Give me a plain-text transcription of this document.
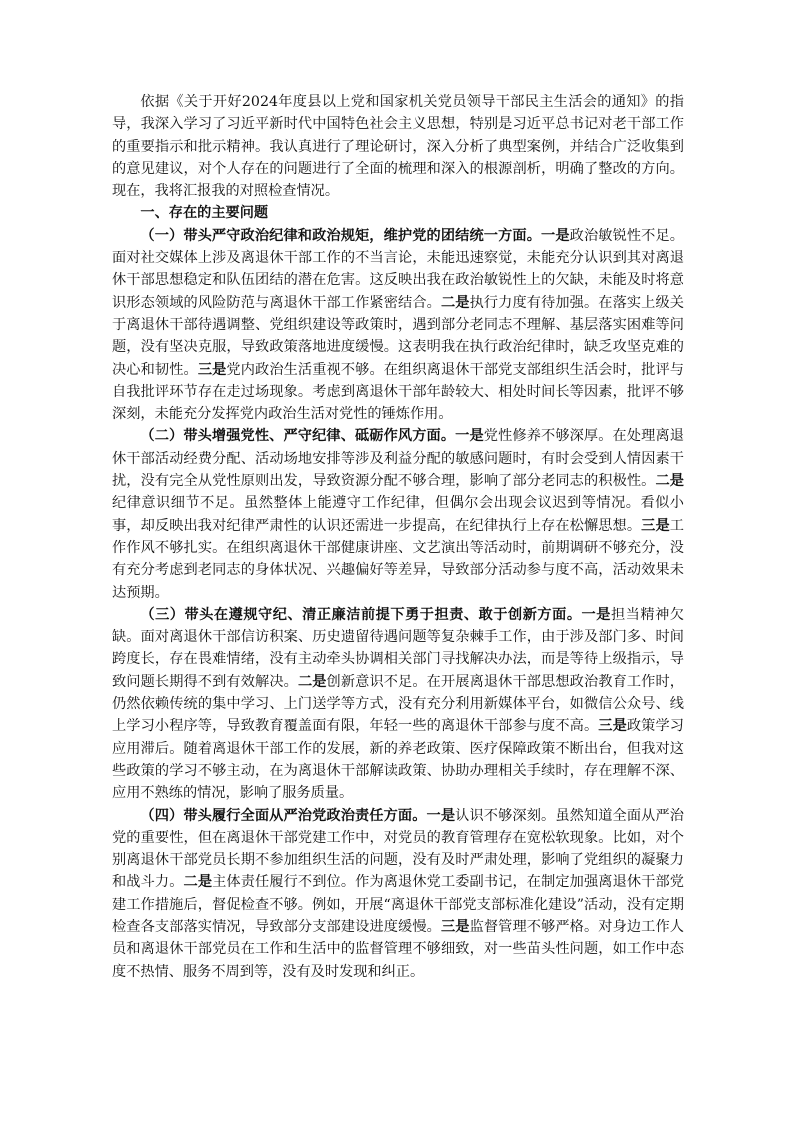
依据《关于开好2024年度县以上党和国家机关党员领导干部民主生活会的通知》的指导，我深入学习了习近平新时代中国特色社会主义思想，特别是习近平总书记对老干部工作的重要指示和批示精神。我认真进行了理论研讨，深入分析了典型案例，并结合广泛收集到的意见建议，对个人存在的问题进行了全面的梳理和深入的根源剖析，明确了整改的方向。现在，我将汇报我的对照检查情况。

一、存在的主要问题

（一）带头严守政治纪律和政治规矩，维护党的团结统一方面。一是政治敏锐性不足。面对社交媒体上涉及离退休干部工作的不当言论，未能迅速察觉，未能充分认识到其对离退休干部思想稳定和队伍团结的潜在危害。这反映出我在政治敏锐性上的欠缺，未能及时将意识形态领域的风险防范与离退休干部工作紧密结合。二是执行力度有待加强。在落实上级关于离退休干部待遇调整、党组织建设等政策时，遇到部分老同志不理解、基层落实困难等问题，没有坚决克服，导致政策落地进度缓慢。这表明我在执行政治纪律时，缺乏攻坚克难的决心和韧性。三是党内政治生活重视不够。在组织离退休干部党支部组织生活会时，批评与自我批评环节存在走过场现象。考虑到离退休干部年龄较大、相处时间长等因素，批评不够深刻，未能充分发挥党内政治生活对党性的锤炼作用。

（二）带头增强党性、严守纪律、砥砺作风方面。一是党性修养不够深厚。在处理离退休干部活动经费分配、活动场地安排等涉及利益分配的敏感问题时，有时会受到人情因素干扰，没有完全从党性原则出发，导致资源分配不够合理，影响了部分老同志的积极性。二是纪律意识细节不足。虽然整体上能遵守工作纪律，但偶尔会出现会议迟到等情况。看似小事，却反映出我对纪律严肃性的认识还需进一步提高，在纪律执行上存在松懈思想。三是工作作风不够扎实。在组织离退休干部健康讲座、文艺演出等活动时，前期调研不够充分，没有充分考虑到老同志的身体状况、兴趣偏好等差异，导致部分活动参与度不高，活动效果未达预期。

（三）带头在遵规守纪、清正廉洁前提下勇于担责、敢于创新方面。一是担当精神欠缺。面对离退休干部信访积案、历史遗留待遇问题等复杂棘手工作，由于涉及部门多、时间跨度长，存在畏难情绪，没有主动牵头协调相关部门寻找解决办法，而是等待上级指示，导致问题长期得不到有效解决。二是创新意识不足。在开展离退休干部思想政治教育工作时，仍然依赖传统的集中学习、上门送学等方式，没有充分利用新媒体平台，如微信公众号、线上学习小程序等，导致教育覆盖面有限，年轻一些的离退休干部参与度不高。三是政策学习应用滞后。随着离退休干部工作的发展，新的养老政策、医疗保障政策不断出台，但我对这些政策的学习不够主动，在为离退休干部解读政策、协助办理相关手续时，存在理解不深、应用不熟练的情况，影响了服务质量。

（四）带头履行全面从严治党政治责任方面。一是认识不够深刻。虽然知道全面从严治党的重要性，但在离退休干部党建工作中，对党员的教育管理存在宽松软现象。比如，对个别离退休干部党员长期不参加组织生活的问题，没有及时严肃处理，影响了党组织的凝聚力和战斗力。二是主体责任履行不到位。作为离退休党工委副书记，在制定加强离退休干部党建工作措施后，督促检查不够。例如，开展“离退休干部党支部标准化建设”活动，没有定期检查各支部落实情况，导致部分支部建设进度缓慢。三是监督管理不够严格。对身边工作人员和离退休干部党员在工作和生活中的监督管理不够细致，对一些苗头性问题，如工作中态度不热情、服务不周到等，没有及时发现和纠正。
